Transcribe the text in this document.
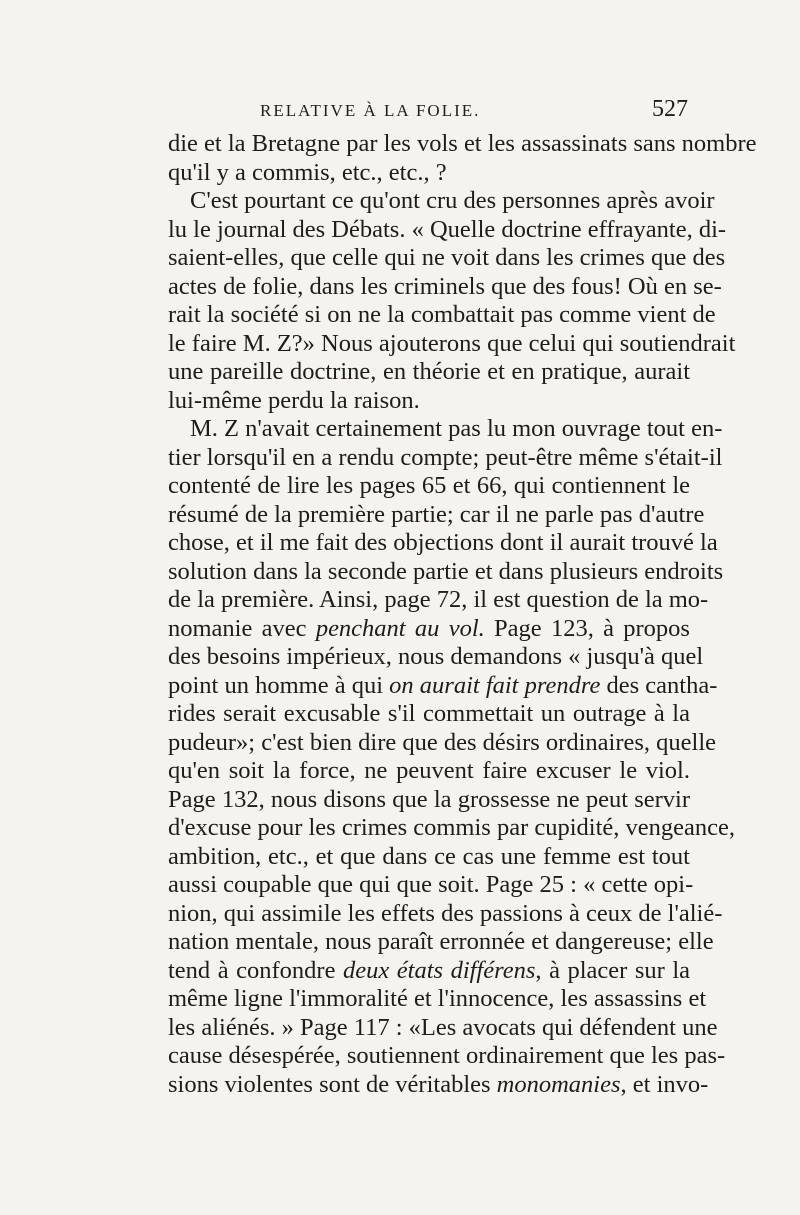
RELATIVE À LA FOLIE.	527
die et la Bretagne par les vols et les assassinats sans nombre
qu'il y a commis, etc., etc., ?
C'est pourtant ce qu'ont cru des personnes après avoir
lu le journal des Débats. « Quelle doctrine effrayante, di-
saient-elles, que celle qui ne voit dans les crimes que des
actes de folie, dans les criminels que des fous! Où en se-
rait la société si on ne la combattait pas comme vient de
le faire M. Z?» Nous ajouterons que celui qui soutiendrait
une pareille doctrine, en théorie et en pratique, aurait
lui-même perdu la raison.
M. Z n'avait certainement pas lu mon ouvrage tout en-
tier lorsqu'il en a rendu compte; peut-être même s'était-il
contenté de lire les pages 65 et 66, qui contiennent le
résumé de la première partie; car il ne parle pas d'autre
chose, et il me fait des objections dont il aurait trouvé la
solution dans la seconde partie et dans plusieurs endroits
de la première. Ainsi, page 72, il est question de la mo-
nomanie avec penchant au vol. Page 123, à propos
des besoins impérieux, nous demandons « jusqu'à quel
point un homme à qui on aurait fait prendre des cantha-
rides serait excusable s'il commettait un outrage à la
pudeur»; c'est bien dire que des désirs ordinaires, quelle
qu'en soit la force, ne peuvent faire excuser le viol.
Page 132, nous disons que la grossesse ne peut servir
d'excuse pour les crimes commis par cupidité, vengeance,
ambition, etc., et que dans ce cas une femme est tout
aussi coupable que qui que soit. Page 25 : « cette opi-
nion, qui assimile les effets des passions à ceux de l'alié-
nation mentale, nous paraît erronnée et dangereuse; elle
tend à confondre deux états différens, à placer sur la
même ligne l'immoralité et l'innocence, les assassins et
les aliénés. » Page 117 : «Les avocats qui défendent une
cause désespérée, soutiennent ordinairement que les pas-
sions violentes sont de véritables monomanies, et invo-
